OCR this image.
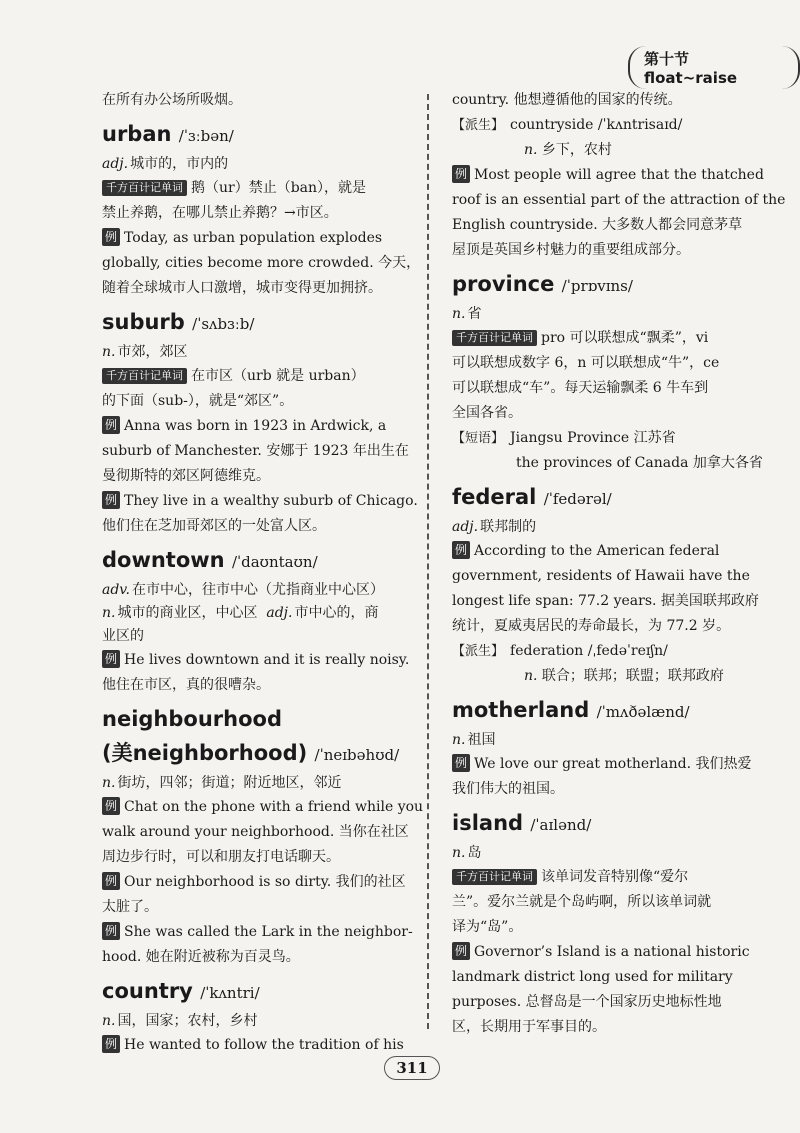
第十节 float~raise
在所有办公场所吸烟。
urban /ˈɜːbən/
adj. 城市的，市内的
千方百计记单词 鹅（ur）禁止（ban），就是
禁止养鹅，在哪儿禁止养鹅？→市区。
例 Today, as urban population explodes
globally, cities become more crowded. 今天，
随着全球城市人口激增，城市变得更加拥挤。
suburb /ˈsʌbɜːb/
n. 市郊，郊区
千方百计记单词 在市区（urb 就是 urban）
的下面（sub-），就是“郊区”。
例 Anna was born in 1923 in Ardwick, a
suburb of Manchester. 安娜于 1923 年出生在
曼彻斯特的郊区阿德维克。
例 They live in a wealthy suburb of Chicago.
他们住在芝加哥郊区的一处富人区。
downtown /ˈdaʊntaʊn/
adv. 在市中心，往市中心（尤指商业中心区）
n. 城市的商业区，中心区 adj. 市中心的，商
业区的
例 He lives downtown and it is really noisy.
他住在市区，真的很嘈杂。
neighbourhood
(美neighborhood) /ˈneɪbəhʊd/
n. 街坊，四邻；街道；附近地区，邻近
例 Chat on the phone with a friend while you
walk around your neighborhood. 当你在社区
周边步行时，可以和朋友打电话聊天。
例 Our neighborhood is so dirty. 我们的社区
太脏了。
例 She was called the Lark in the neighbor-
hood. 她在附近被称为百灵鸟。
country /ˈkʌntri/
n. 国，国家；农村，乡村
例 He wanted to follow the tradition of his
country. 他想遵循他的国家的传统。
【派生】 countryside /ˈkʌntrisaɪd/
n. 乡下，农村
例 Most people will agree that the thatched
roof is an essential part of the attraction of the
English countryside. 大多数人都会同意茅草
屋顶是英国乡村魅力的重要组成部分。
province /ˈprɒvɪns/
n. 省
千方百计记单词 pro 可以联想成“飘柔”，vi
可以联想成数字 6，n 可以联想成“牛”，ce
可以联想成“车”。每天运输飘柔 6 牛车到
全国各省。
【短语】 Jiangsu Province 江苏省
the provinces of Canada 加拿大各省
federal /ˈfedərəl/
adj. 联邦制的
例 According to the American federal
government, residents of Hawaii have the
longest life span: 77.2 years. 据美国联邦政府
统计，夏威夷居民的寿命最长，为 77.2 岁。
【派生】 federation /ˌfedəˈreɪʃn/
n. 联合；联邦；联盟；联邦政府
motherland /ˈmʌðəlænd/
n. 祖国
例 We love our great motherland. 我们热爱
我们伟大的祖国。
island /ˈaɪlənd/
n. 岛
千方百计记单词 该单词发音特别像“爱尔
兰”。爱尔兰就是个岛屿啊，所以该单词就
译为“岛”。
例 Governor’s Island is a national historic
landmark district long used for military
purposes. 总督岛是一个国家历史地标性地
区，长期用于军事目的。
311
